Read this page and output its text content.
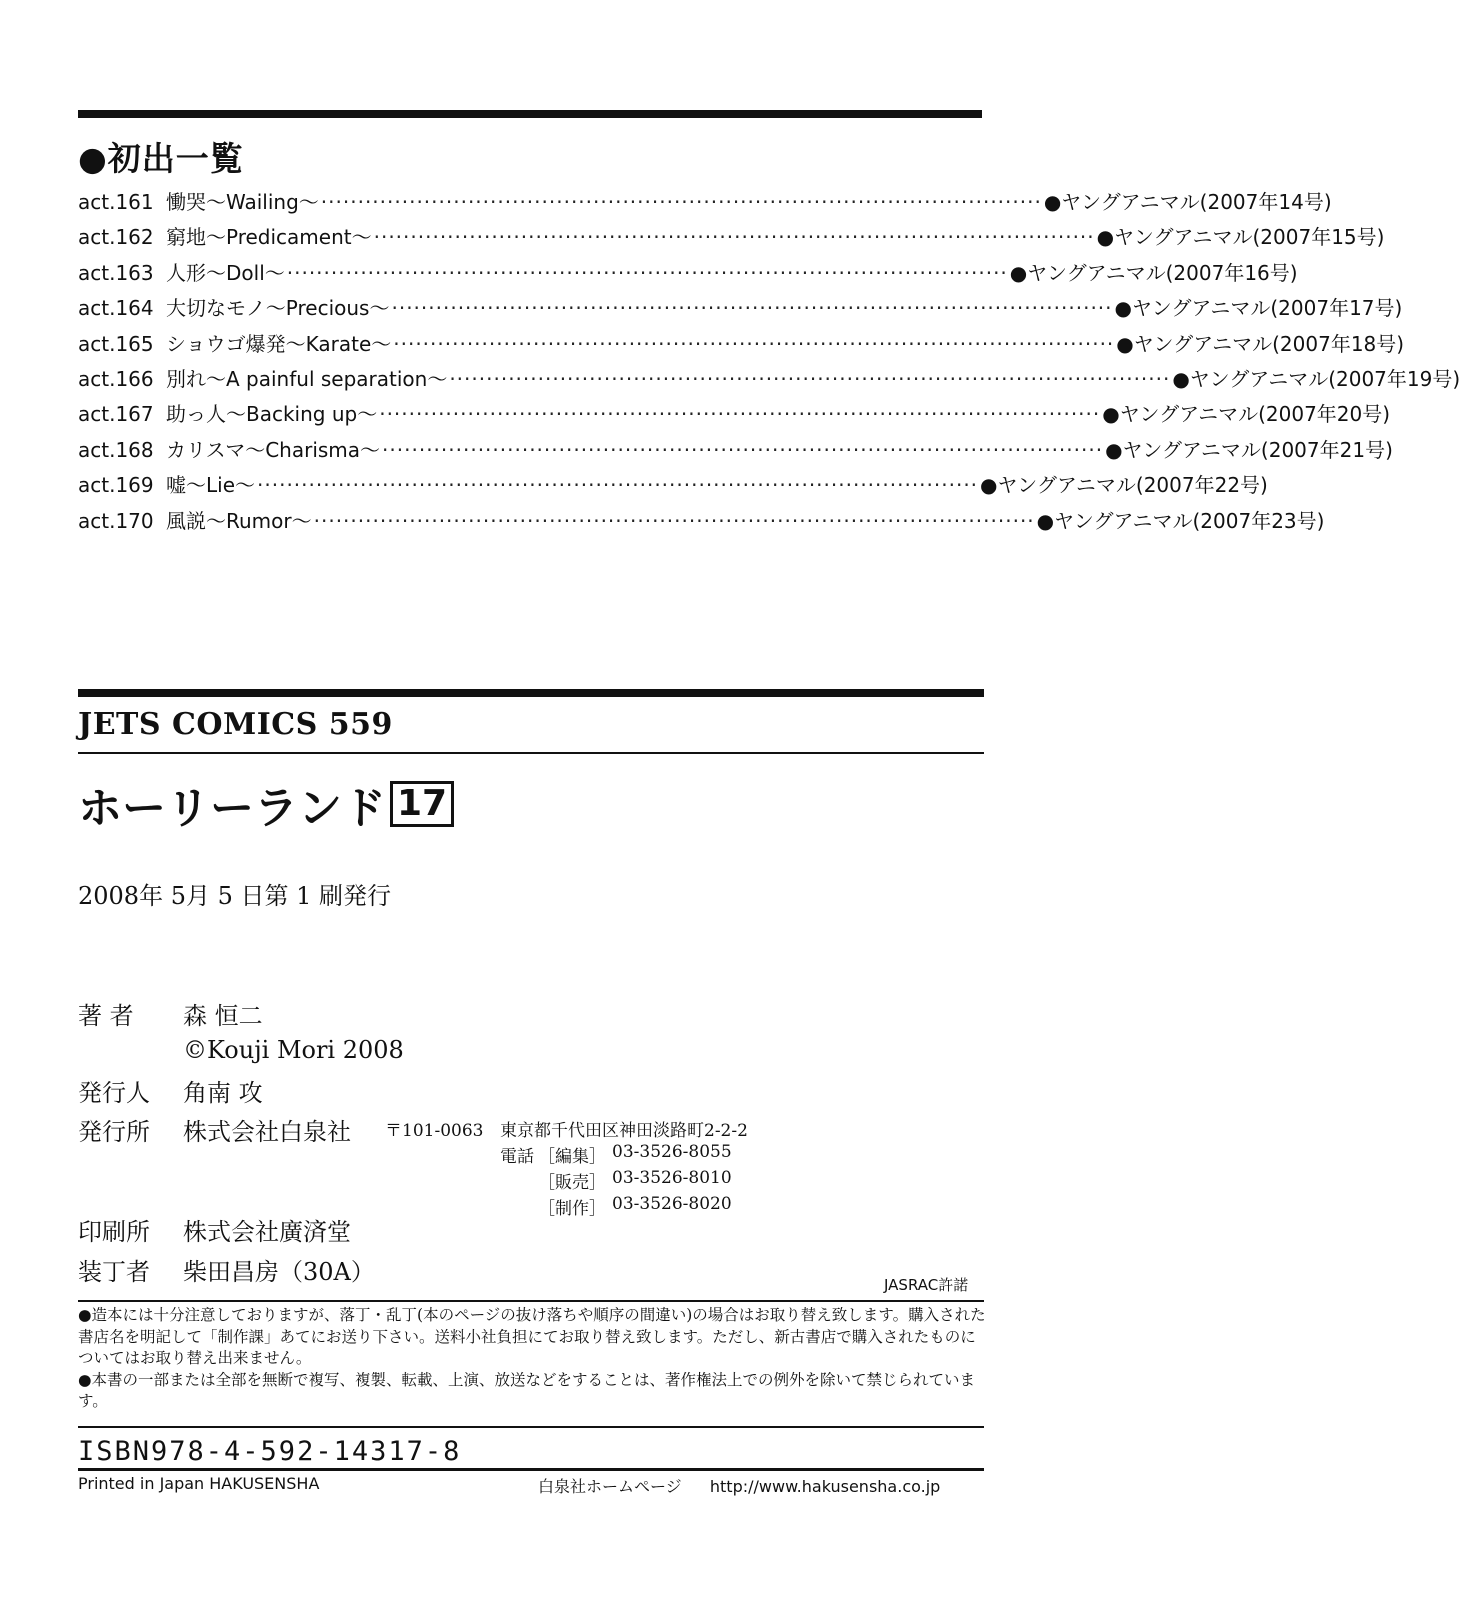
●初出一覧
act.161 慟哭〜Wailing〜 ·································································································· ●ヤングアニマル(2007年14号)
act.162 窮地〜Predicament〜 ·································································································· ●ヤングアニマル(2007年15号)
act.163 人形〜Doll〜 ·································································································· ●ヤングアニマル(2007年16号)
act.164 大切なモノ〜Precious〜 ·································································································· ●ヤングアニマル(2007年17号)
act.165 ショウゴ爆発〜Karate〜 ·································································································· ●ヤングアニマル(2007年18号)
act.166 別れ〜A painful separation〜 ·································································································· ●ヤングアニマル(2007年19号)
act.167 助っ人〜Backing up〜 ·································································································· ●ヤングアニマル(2007年20号)
act.168 カリスマ〜Charisma〜 ·································································································· ●ヤングアニマル(2007年21号)
act.169 嘘〜Lie〜 ·································································································· ●ヤングアニマル(2007年22号)
act.170 風説〜Rumor〜 ·································································································· ●ヤングアニマル(2007年23号)
JETS COMICS 559
ホーリーランド 17
2008年 5月 5 日第 1 刷発行
著 者 森 恒二
©Kouji Mori 2008
発行人 角南 攻
発行所 株式会社白泉社 〒101-0063 東京都千代田区神田淡路町2-2-2
電話 ［編集］ 03-3526-8055
［販売］ 03-3526-8010
［制作］ 03-3526-8020
印刷所 株式会社廣済堂
装丁者 柴田昌房（30A）	JASRAC許諾

●造本には十分注意しておりますが、落丁・乱丁(本のページの抜け落ちや順序の間違い)の場合はお取り替え致します。購入された書店名を明記して「制作課」あてにお送り下さい。送料小社負担にてお取り替え致します。ただし、新古書店で購入されたものについてはお取り替え出来ません。

●本書の一部または全部を無断で複写、複製、転載、上演、放送などをすることは、著作権法上での例外を除いて禁じられています。

ISBN978-4-592-14317-8
Printed in Japan HAKUSENSHA	白泉社ホームページ http://www.hakusensha.co.jp
